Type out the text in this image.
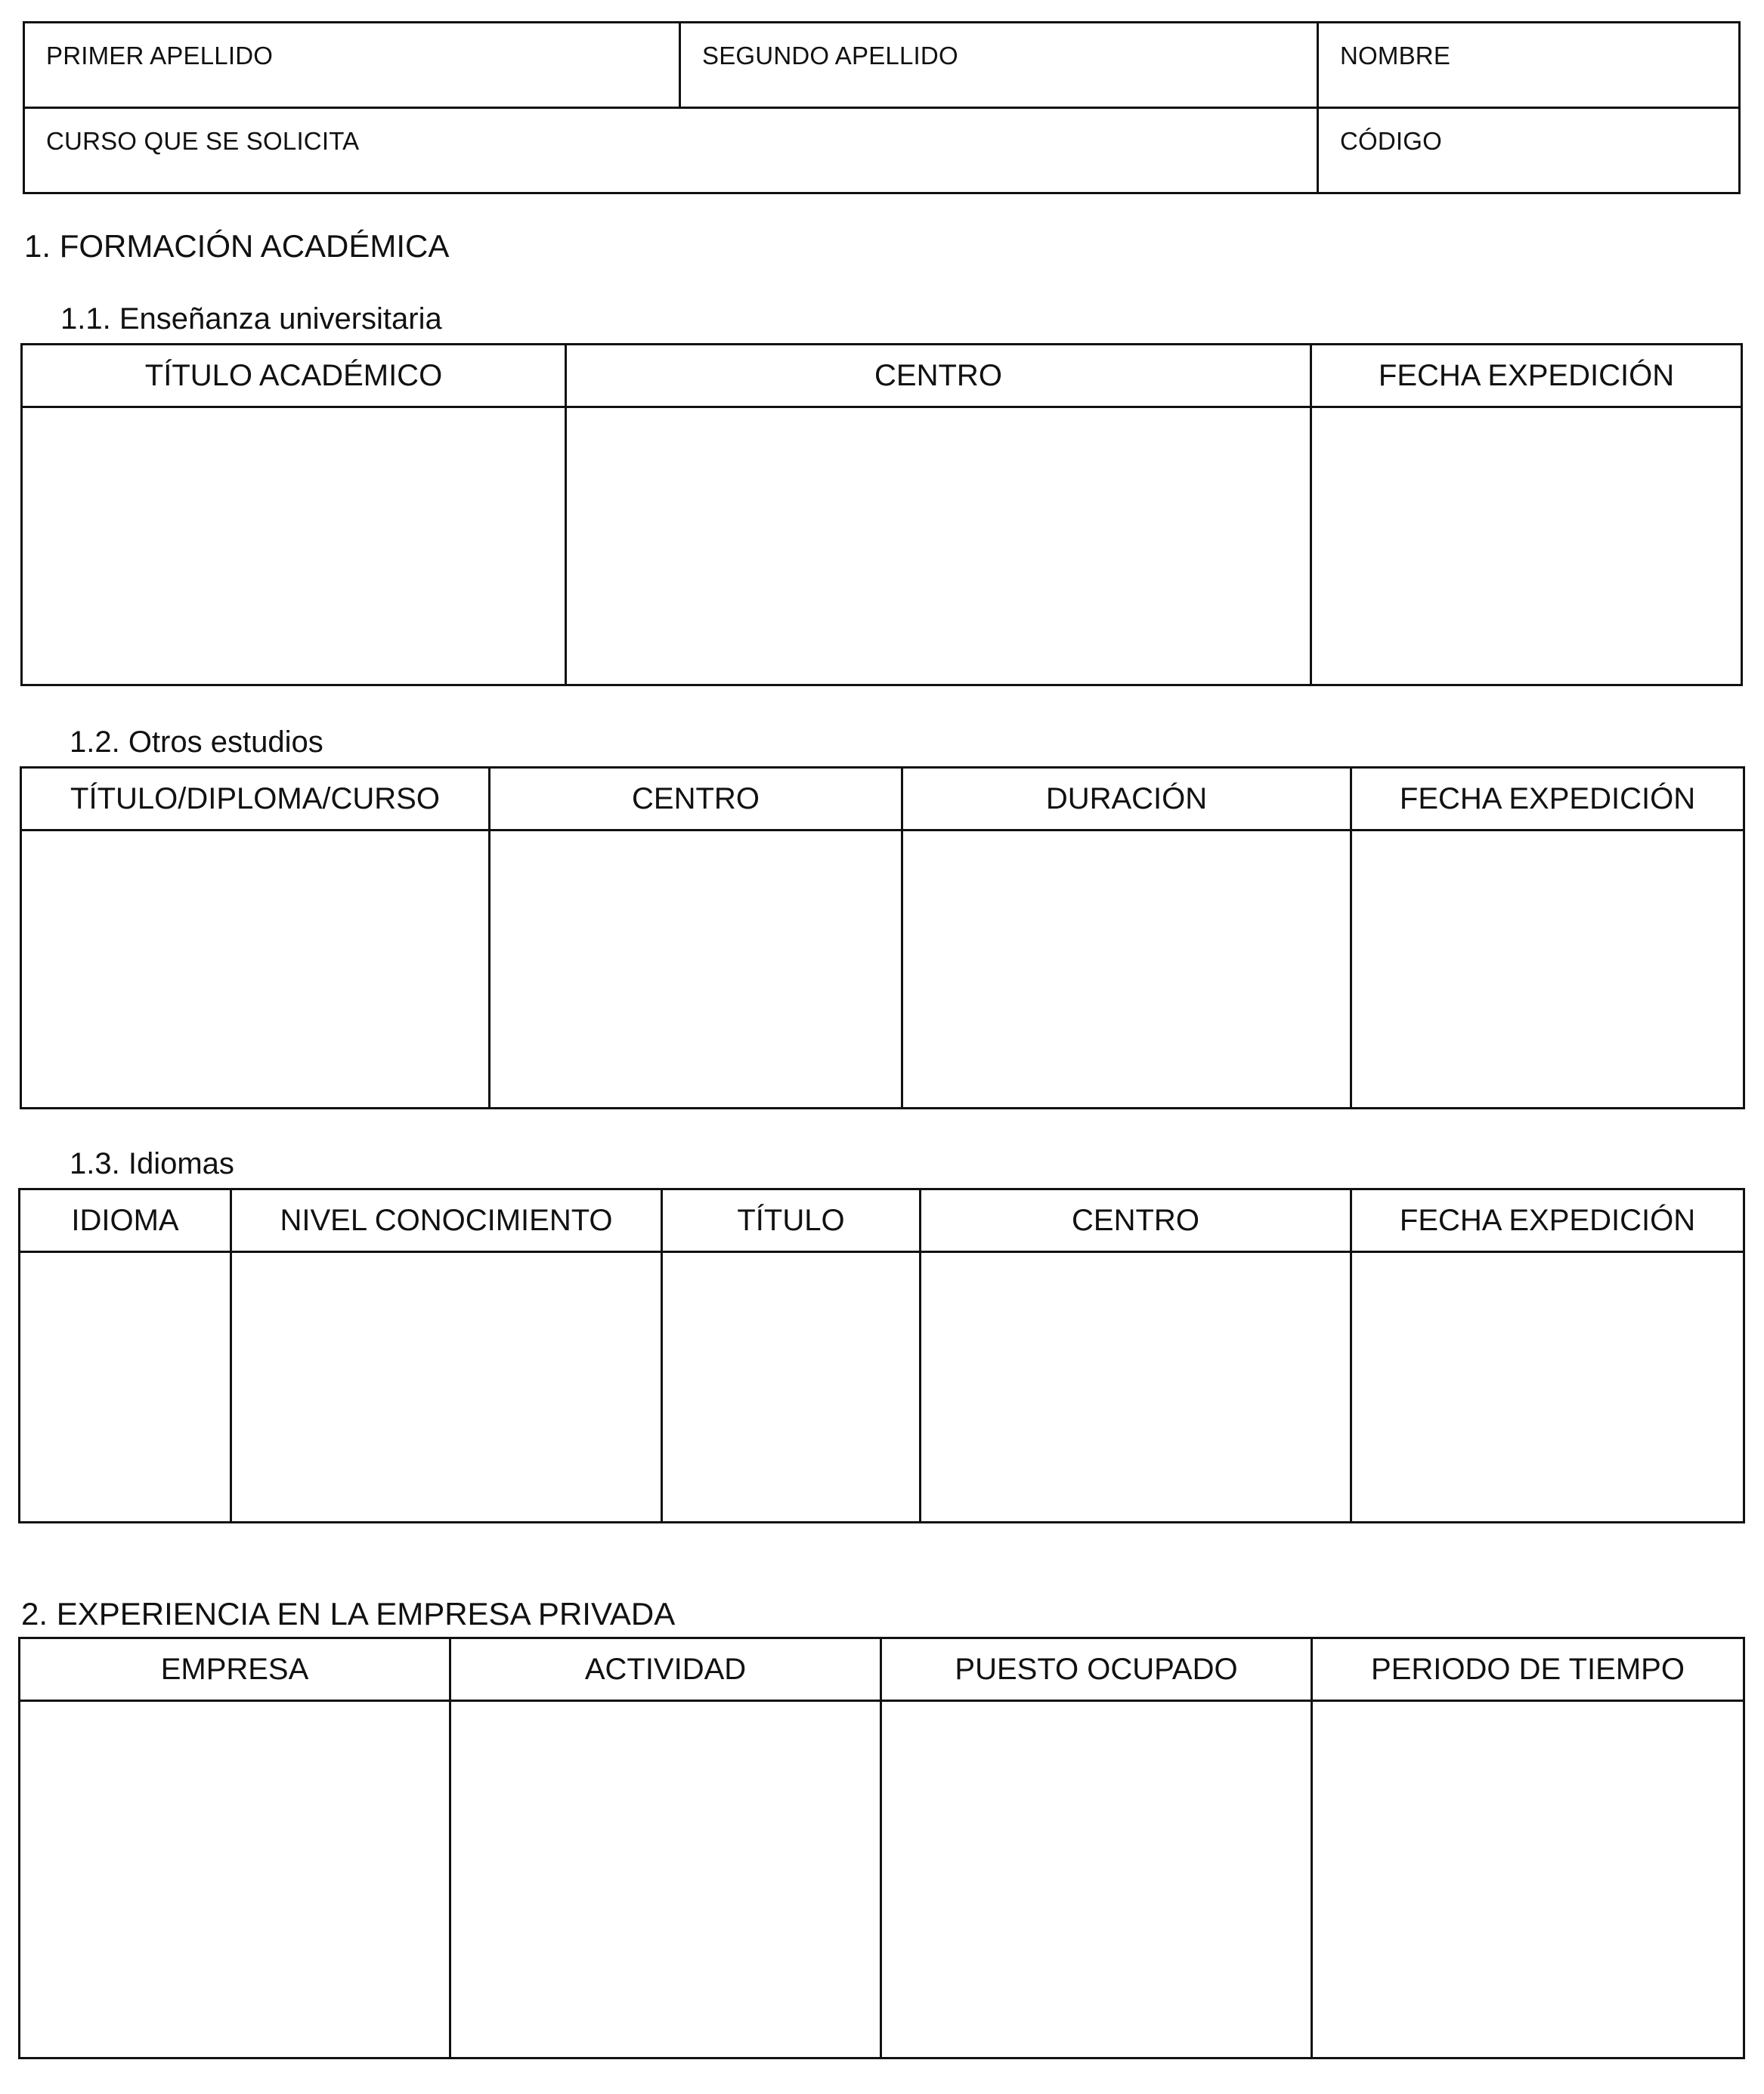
PRIMER APELLIDO	SEGUNDO APELLIDO	NOMBRE

CURSO QUE SE SOLICITA		CÓDIGO
1. FORMACIÓN ACADÉMICA
1.1. Enseñanza universitaria
TÍTULO ACADÉMICO	CENTRO	FECHA EXPEDICIÓN

1.2. Otros estudios
TÍTULO/DIPLOMA/CURSO	CENTRO	DURACIÓN	FECHA EXPEDICIÓN

1.3. Idiomas
IDIOMA	NIVEL CONOCIMIENTO	TÍTULO	CENTRO	FECHA EXPEDICIÓN

2. EXPERIENCIA EN LA EMPRESA PRIVADA
EMPRESA	ACTIVIDAD	PUESTO OCUPADO	PERIODO DE TIEMPO
